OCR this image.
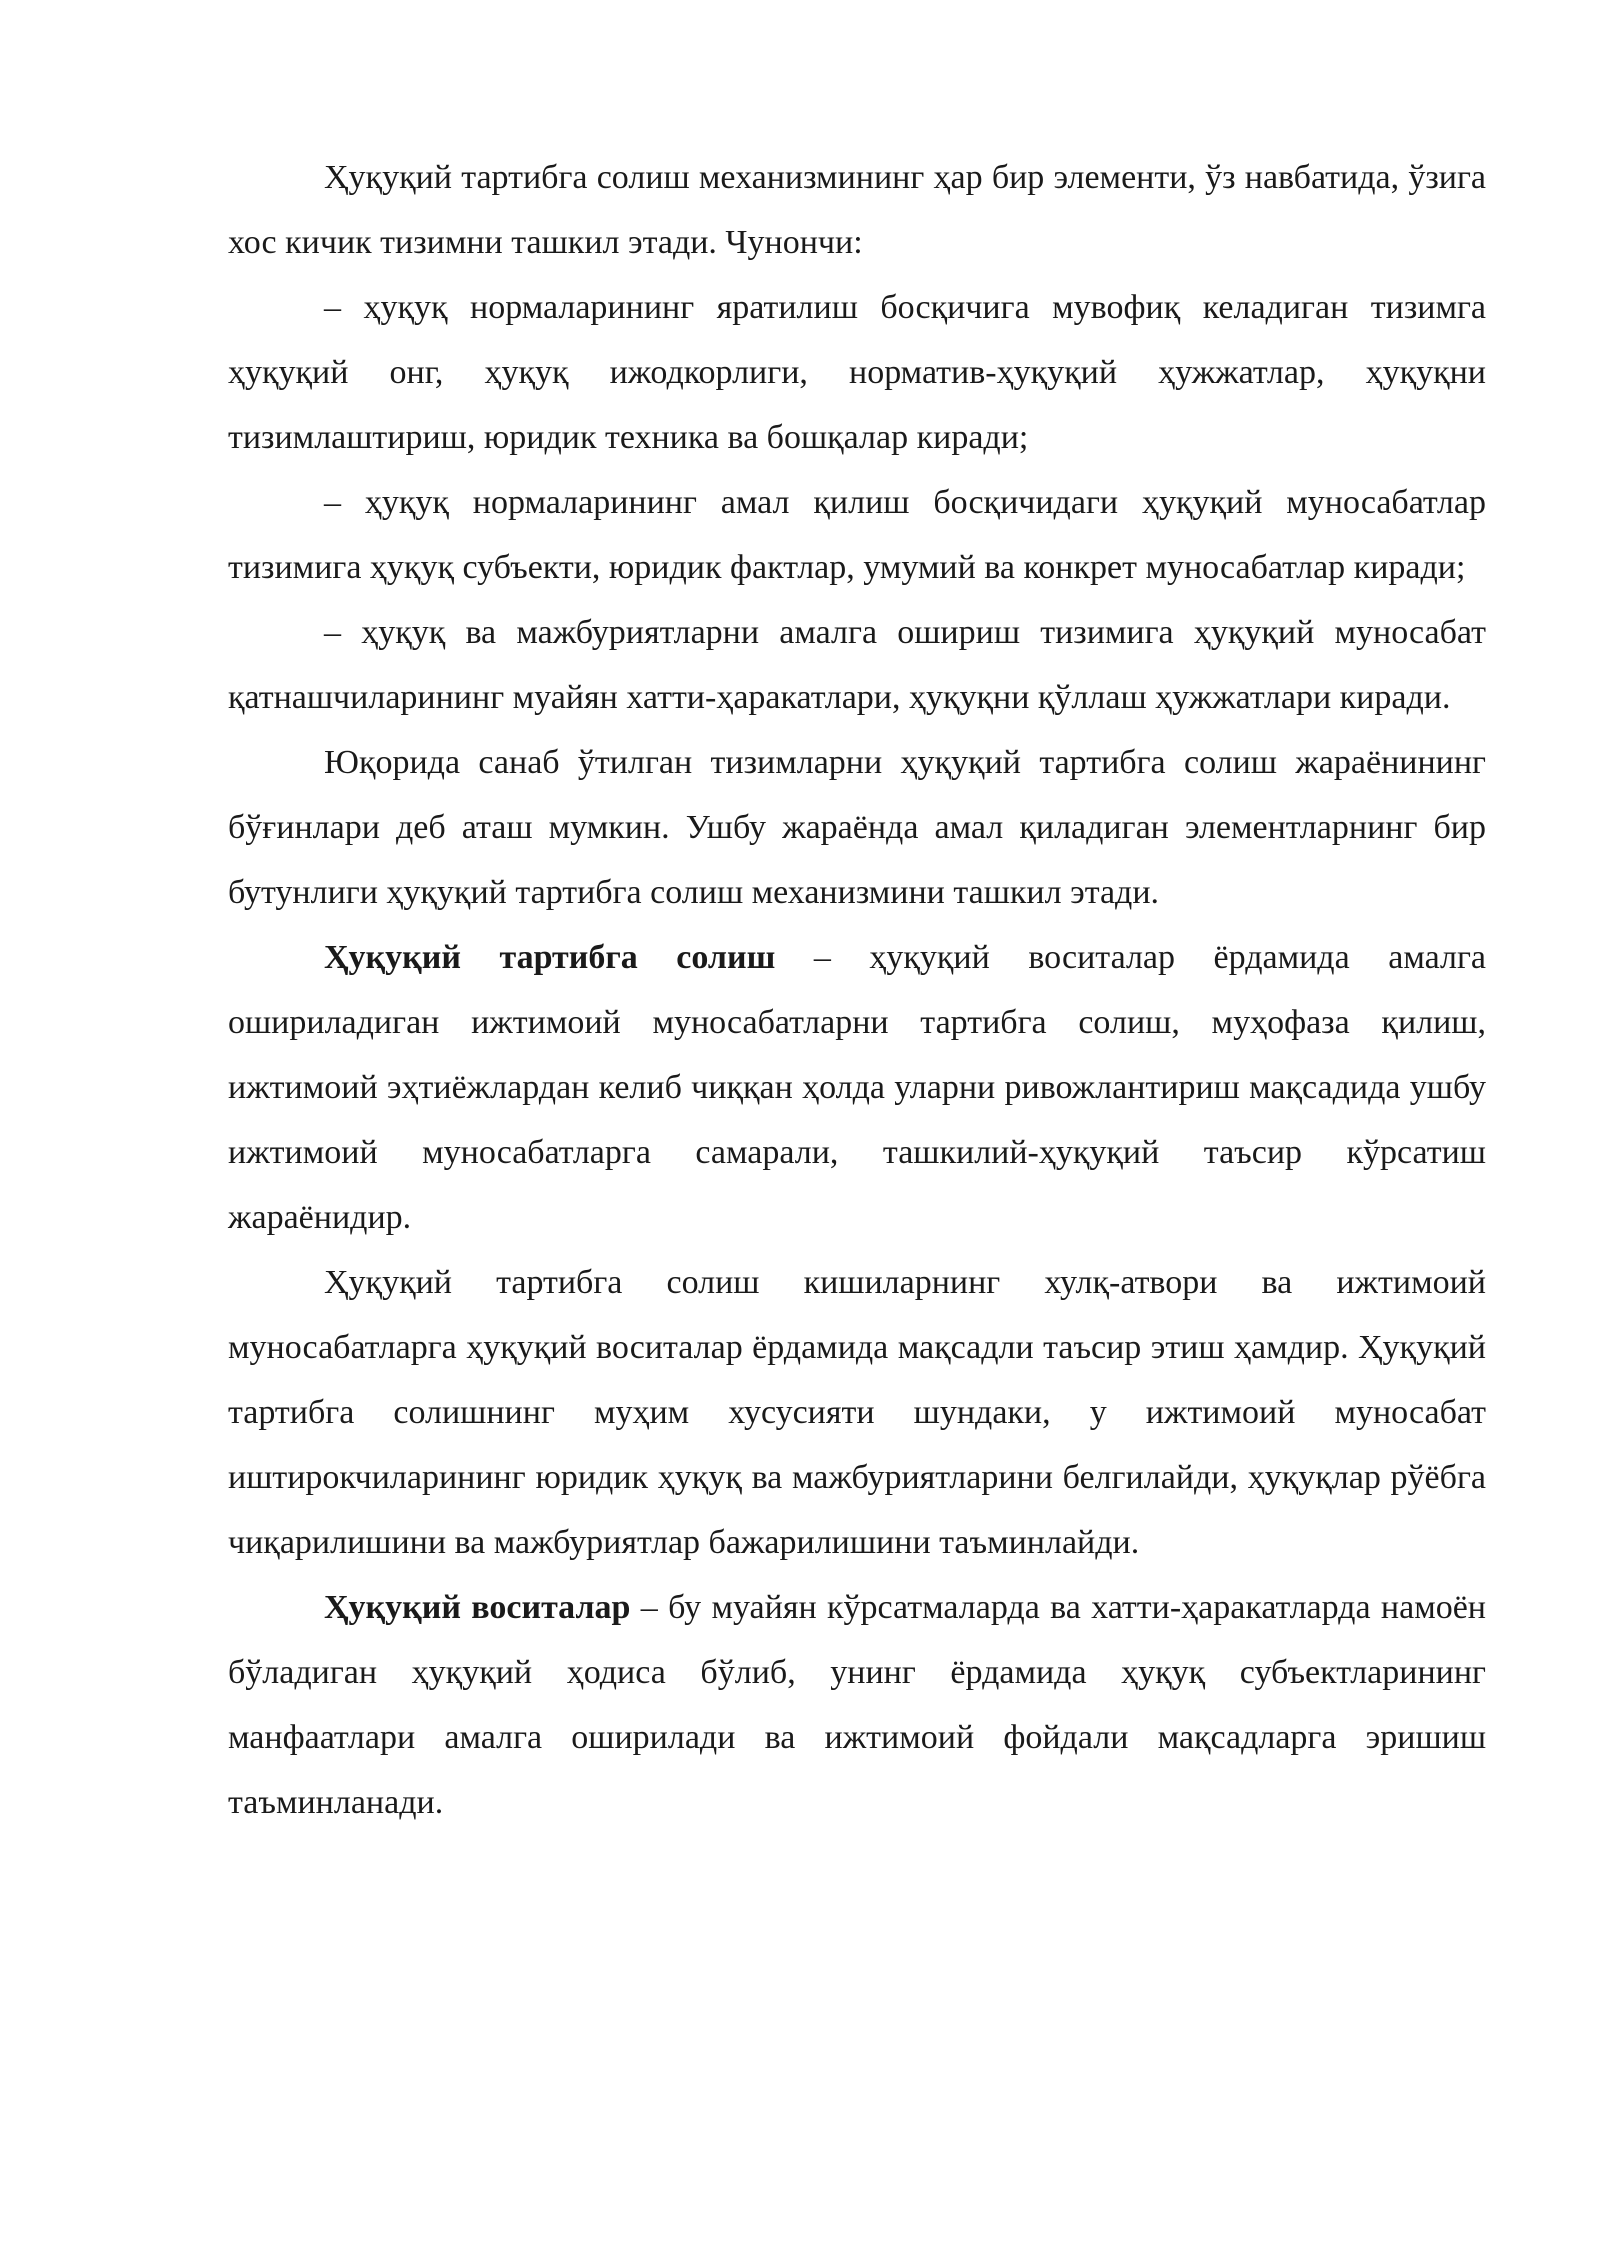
Ҳуқуқий тартибга солиш механизмининг ҳар бир элементи, ўз навбатида, ўзига хос кичик тизимни ташкил этади. Чунончи:

– ҳуқуқ нормаларининг яратилиш босқичига мувофиқ келадиган тизимга ҳуқуқий онг, ҳуқуқ ижодкорлиги, норматив-ҳуқуқий ҳужжатлар, ҳуқуқни тизимлаштириш, юридик техника ва бошқалар киради;

– ҳуқуқ нормаларининг амал қилиш босқичидаги ҳуқуқий муносабатлар тизимига ҳуқуқ субъекти, юридик фактлар, умумий ва конкрет муносабатлар киради;

– ҳуқуқ ва мажбуриятларни амалга ошириш тизимига ҳуқуқий муносабат қатнашчиларининг муайян хатти-ҳаракатлари, ҳуқуқни қўллаш ҳужжатлари киради.

Юқорида санаб ўтилган тизимларни ҳуқуқий тартибга солиш жараёнининг бўғинлари деб аташ мумкин. Ушбу жараёнда амал қиладиган элементларнинг бир бутунлиги ҳуқуқий тартибга солиш механизмини ташкил этади.

Ҳуқуқий тартибга солиш – ҳуқуқий воситалар ёрдамида амалга ошириладиган ижтимоий муносабатларни тартибга солиш, муҳофаза қилиш, ижтимоий эҳтиёжлардан келиб чиққан ҳолда уларни ривожлантириш мақсадида ушбу ижтимоий муносабатларга самарали, ташкилий-ҳуқуқий таъсир кўрсатиш жараёнидир.

Ҳуқуқий тартибга солиш кишиларнинг хулқ-атвори ва ижтимоий муносабатларга ҳуқуқий воситалар ёрдамида мақсадли таъсир этиш ҳамдир. Ҳуқуқий тартибга солишнинг муҳим хусусияти шундаки, у ижтимоий муносабат иштирокчиларининг юридик ҳуқуқ ва мажбуриятларини белгилайди, ҳуқуқлар рўёбга чиқарилишини ва мажбуриятлар бажарилишини таъминлайди.

Ҳуқуқий воситалар – бу муайян кўрсатмаларда ва хатти-ҳаракатларда намоён бўладиган ҳуқуқий ҳодиса бўлиб, унинг ёрдамида ҳуқуқ субъектларининг манфаатлари амалга оширилади ва ижтимоий фойдали мақсадларга эришиш таъминланади.
